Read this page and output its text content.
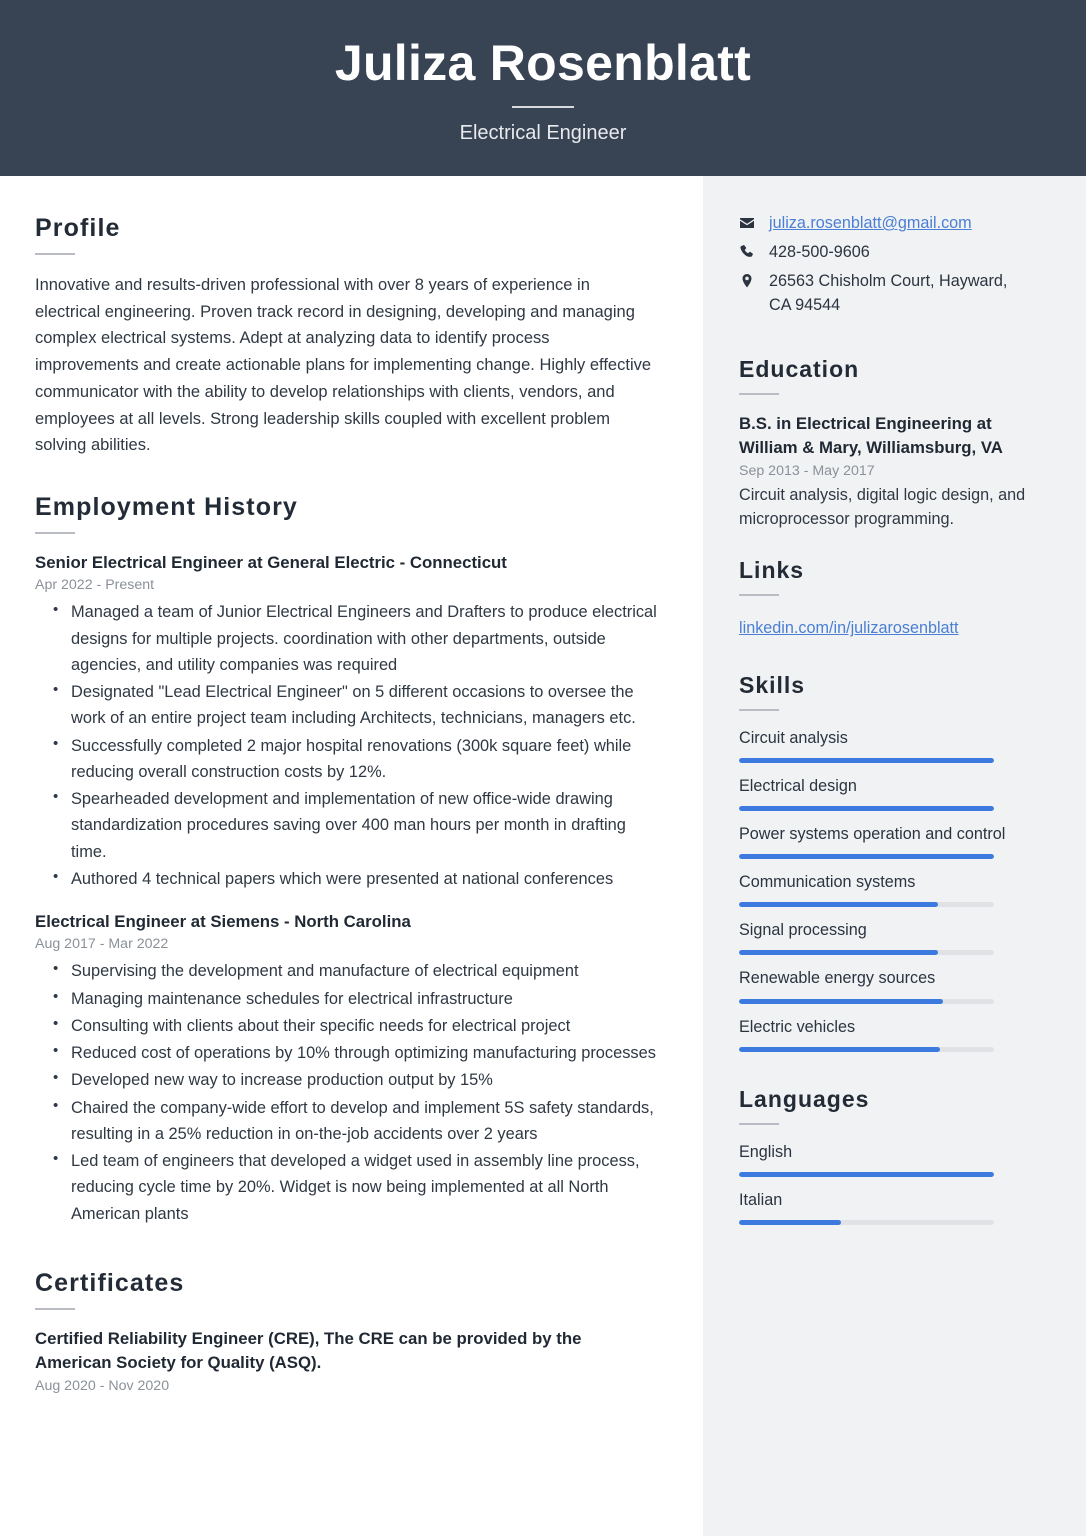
Juliza Rosenblatt
Electrical Engineer
Profile

Innovative and results-driven professional with over 8 years of experience in electrical engineering. Proven track record in designing, developing and managing complex electrical systems. Adept at analyzing data to identify process improvements and create actionable plans for implementing change. Highly effective communicator with the ability to develop relationships with clients, vendors, and employees at all levels. Strong leadership skills coupled with excellent problem solving abilities.

Employment History
Senior Electrical Engineer at General Electric - Connecticut
Apr 2022 - Present
• Managed a team of Junior Electrical Engineers and Drafters to produce electrical designs for multiple projects. coordination with other departments, outside agencies, and utility companies was required
• Designated "Lead Electrical Engineer" on 5 different occasions to oversee the work of an entire project team including Architects, technicians, managers etc.
• Successfully completed 2 major hospital renovations (300k square feet) while reducing overall construction costs by 12%.
• Spearheaded development and implementation of new office-wide drawing standardization procedures saving over 400 man hours per month in drafting time.
• Authored 4 technical papers which were presented at national conferences
Electrical Engineer at Siemens - North Carolina
Aug 2017 - Mar 2022
• Supervising the development and manufacture of electrical equipment
• Managing maintenance schedules for electrical infrastructure
• Consulting with clients about their specific needs for electrical project
• Reduced cost of operations by 10% through optimizing manufacturing processes
• Developed new way to increase production output by 15%
• Chaired the company-wide effort to develop and implement 5S safety standards, resulting in a 25% reduction in on-the-job accidents over 2 years
• Led team of engineers that developed a widget used in assembly line process, reducing cycle time by 20%. Widget is now being implemented at all North American plants
Certificates
Certified Reliability Engineer (CRE), The CRE can be provided by the American Society for Quality (ASQ).
Aug 2020 - Nov 2020
juliza.rosenblatt@gmail.com
428-500-9606
26563 Chisholm Court, Hayward, CA 94544
Education
B.S. in Electrical Engineering at William & Mary, Williamsburg, VA
Sep 2013 - May 2017
Circuit analysis, digital logic design, and microprocessor programming.
Links
linkedin.com/in/julizarosenblatt
Skills
Circuit analysis
Electrical design
Power systems operation and control
Communication systems
Signal processing
Renewable energy sources
Electric vehicles
Languages
English
Italian
